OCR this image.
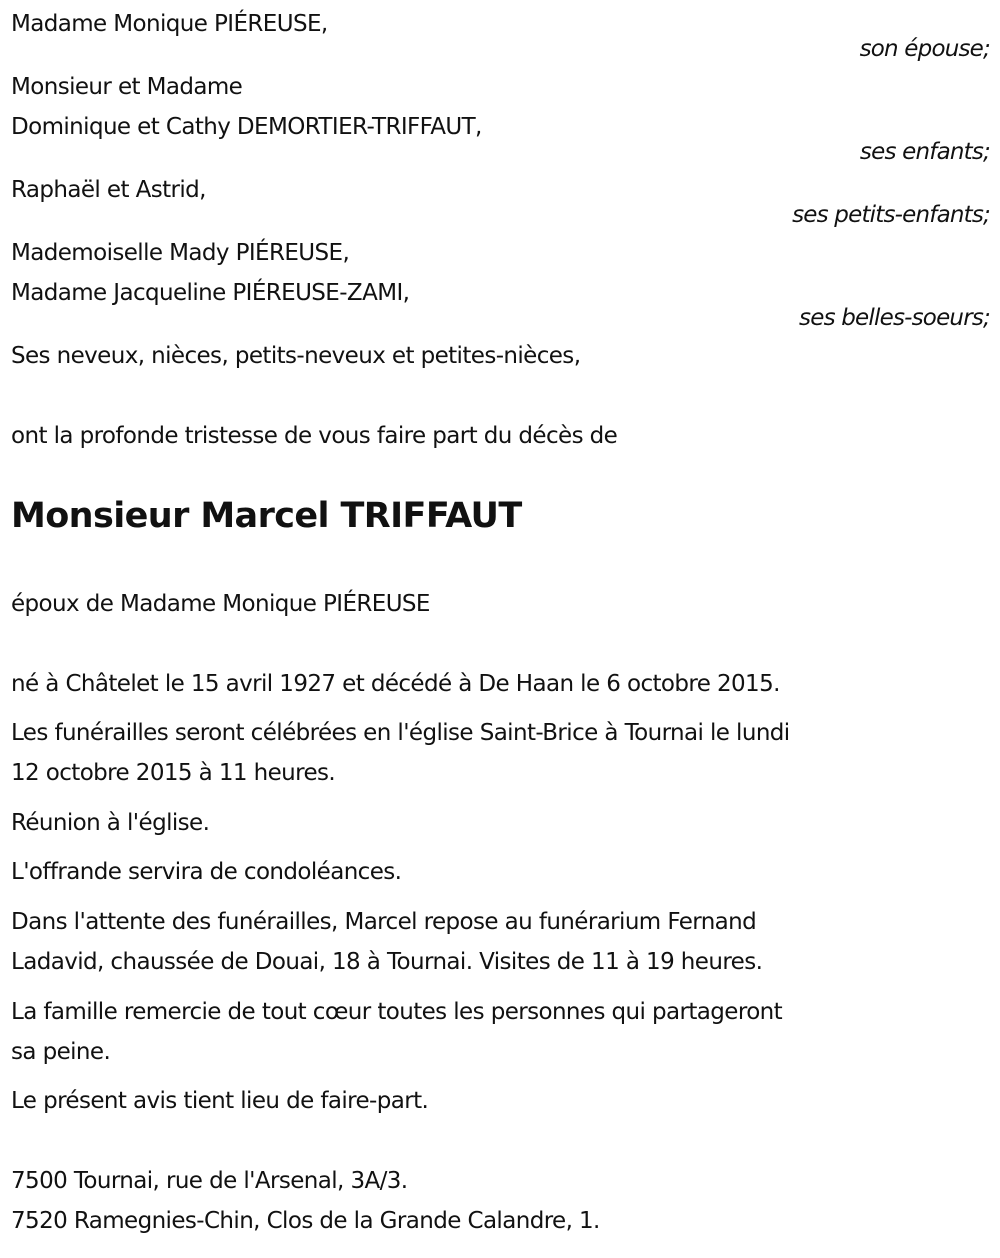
Madame Monique PIÉREUSE,
son épouse;
Monsieur et Madame
Dominique et Cathy DEMORTIER-TRIFFAUT,
ses enfants;
Raphaël et Astrid,
ses petits-enfants;
Mademoiselle Mady PIÉREUSE,
Madame Jacqueline PIÉREUSE-ZAMI,
ses belles-soeurs;
Ses neveux, nièces, petits-neveux et petites-nièces,
ont la profonde tristesse de vous faire part du décès de
Monsieur Marcel TRIFFAUT
époux de Madame Monique PIÉREUSE
né à Châtelet le 15 avril 1927 et décédé à De Haan le 6 octobre 2015.
Les funérailles seront célébrées en l'église Saint-Brice à Tournai le lundi
12 octobre 2015 à 11 heures.
Réunion à l'église.
L'offrande servira de condoléances.
Dans l'attente des funérailles, Marcel repose au funérarium Fernand
Ladavid, chaussée de Douai, 18 à Tournai. Visites de 11 à 19 heures.
La famille remercie de tout cœur toutes les personnes qui partageront
sa peine.
Le présent avis tient lieu de faire-part.
7500 Tournai, rue de l'Arsenal, 3A/3.
7520 Ramegnies-Chin, Clos de la Grande Calandre, 1.
